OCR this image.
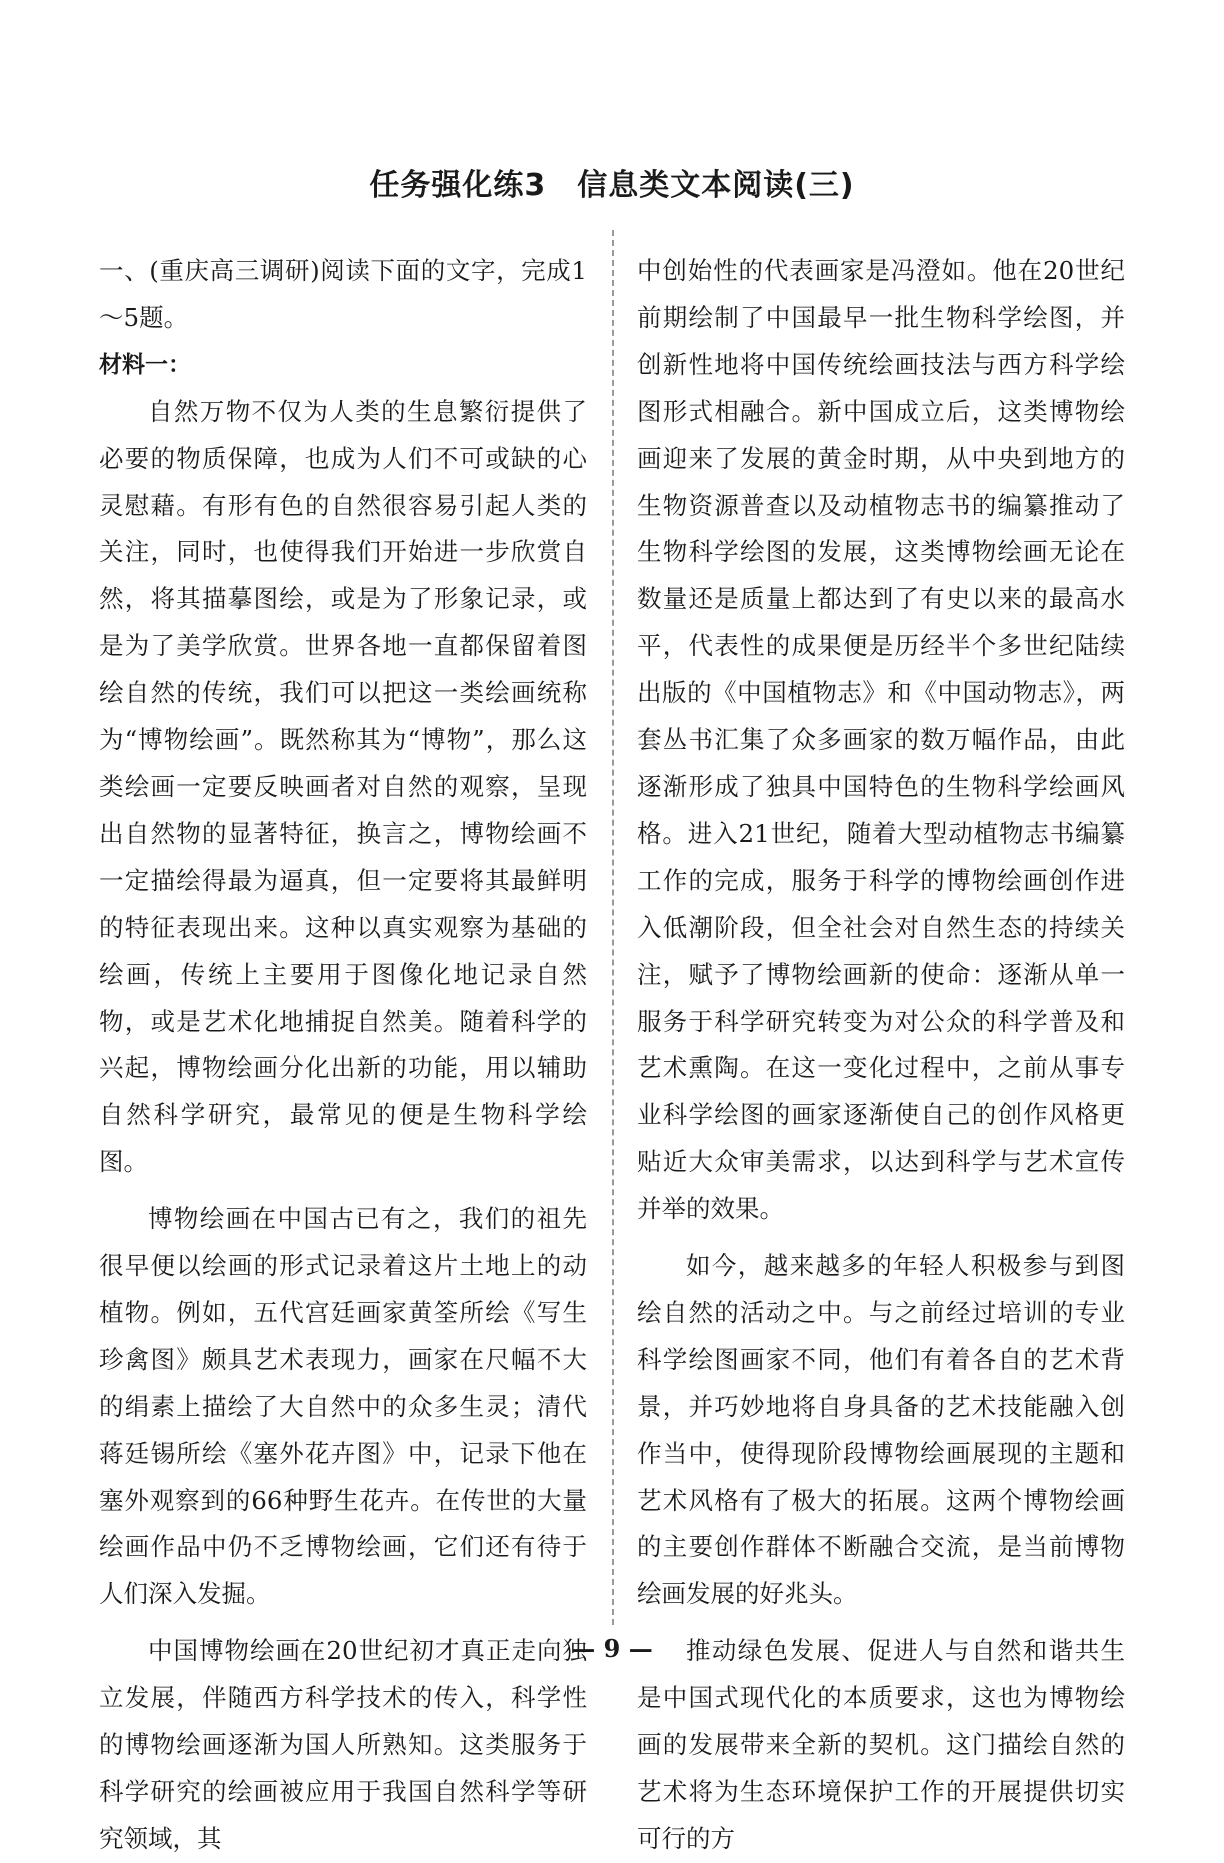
任务强化练3　信息类文本阅读(三)

一、(重庆高三调研)阅读下面的文字，完成1～5题。

材料一：

自然万物不仅为人类的生息繁衍提供了必要的物质保障，也成为人们不可或缺的心灵慰藉。有形有色的自然很容易引起人类的关注，同时，也使得我们开始进一步欣赏自然，将其描摹图绘，或是为了形象记录，或是为了美学欣赏。世界各地一直都保留着图绘自然的传统，我们可以把这一类绘画统称为“博物绘画”。既然称其为“博物”，那么这类绘画一定要反映画者对自然的观察，呈现出自然物的显著特征，换言之，博物绘画不一定描绘得最为逼真，但一定要将其最鲜明的特征表现出来。这种以真实观察为基础的绘画，传统上主要用于图像化地记录自然物，或是艺术化地捕捉自然美。随着科学的兴起，博物绘画分化出新的功能，用以辅助自然科学研究，最常见的便是生物科学绘图。

博物绘画在中国古已有之，我们的祖先很早便以绘画的形式记录着这片土地上的动植物。例如，五代宫廷画家黄筌所绘《写生珍禽图》颇具艺术表现力，画家在尺幅不大的绢素上描绘了大自然中的众多生灵；清代蒋廷锡所绘《塞外花卉图》中，记录下他在塞外观察到的66种野生花卉。在传世的大量绘画作品中仍不乏博物绘画，它们还有待于人们深入发掘。

中国博物绘画在20世纪初才真正走向独立发展，伴随西方科学技术的传入，科学性的博物绘画逐渐为国人所熟知。这类服务于科学研究的绘画被应用于我国自然科学等研究领域，其

中创始性的代表画家是冯澄如。他在20世纪前期绘制了中国最早一批生物科学绘图，并创新性地将中国传统绘画技法与西方科学绘图形式相融合。新中国成立后，这类博物绘画迎来了发展的黄金时期，从中央到地方的生物资源普查以及动植物志书的编纂推动了生物科学绘图的发展，这类博物绘画无论在数量还是质量上都达到了有史以来的最高水平，代表性的成果便是历经半个多世纪陆续出版的《中国植物志》和《中国动物志》，两套丛书汇集了众多画家的数万幅作品，由此逐渐形成了独具中国特色的生物科学绘画风格。进入21世纪，随着大型动植物志书编纂工作的完成，服务于科学的博物绘画创作进入低潮阶段，但全社会对自然生态的持续关注，赋予了博物绘画新的使命：逐渐从单一服务于科学研究转变为对公众的科学普及和艺术熏陶。在这一变化过程中，之前从事专业科学绘图的画家逐渐使自己的创作风格更贴近大众审美需求，以达到科学与艺术宣传并举的效果。

如今，越来越多的年轻人积极参与到图绘自然的活动之中。与之前经过培训的专业科学绘图画家不同，他们有着各自的艺术背景，并巧妙地将自身具备的艺术技能融入创作当中，使得现阶段博物绘画展现的主题和艺术风格有了极大的拓展。这两个博物绘画的主要创作群体不断融合交流，是当前博物绘画发展的好兆头。

推动绿色发展、促进人与自然和谐共生是中国式现代化的本质要求，这也为博物绘画的发展带来全新的契机。这门描绘自然的艺术将为生态环境保护工作的开展提供切实可行的方

— 9 —
